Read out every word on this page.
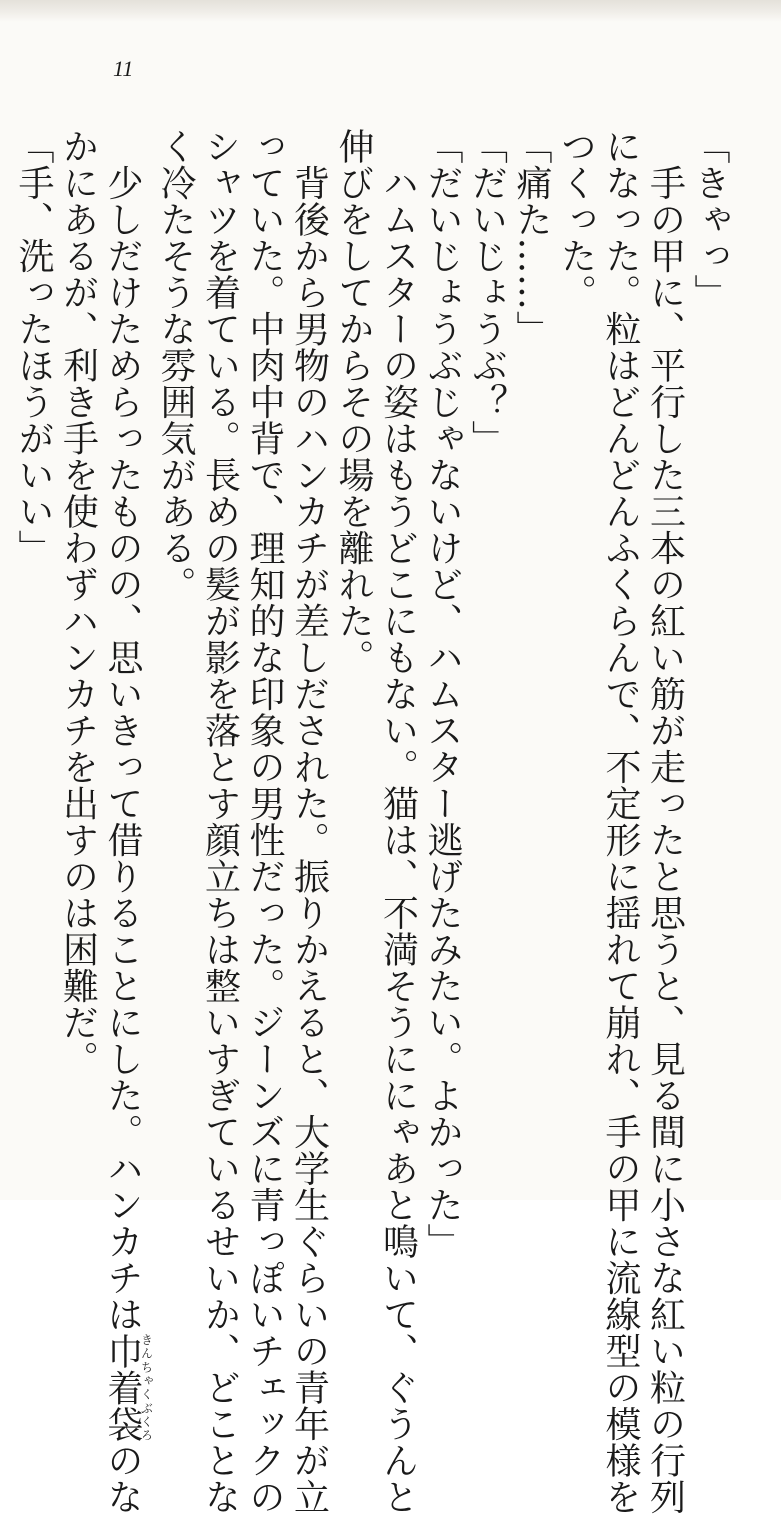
11
「きゃっ」
　手の甲に、平行した三本の紅い筋が走ったと思うと、見る間に小さな紅い粒の行列
になった。粒はどんどんふくらんで、不定形に揺れて崩れ、手の甲に流線型の模様を
つくった。
「痛た……」
「だいじょうぶ？」
「だいじょうぶじゃないけど、ハムスター逃げたみたい。よかった」
　ハムスターの姿はもうどこにもない。猫は、不満そうににゃあと鳴いて、ぐうんと
伸びをしてからその場を離れた。
　背後から男物のハンカチが差しだされた。振りかえると、大学生ぐらいの青年が立
っていた。中肉中背で、理知的な印象の男性だった。ジーンズに青っぽいチェックの
シャツを着ている。長めの髪が影を落とす顔立ちは整いすぎているせいか、どことな
く冷たそうな雰囲気がある。
　少しだけためらったものの、思いきって借りることにした。ハンカチは巾着袋きんちゃくぶくろのな
かにあるが、利き手を使わずハンカチを出すのは困難だ。
「手、洗ったほうがいい」
